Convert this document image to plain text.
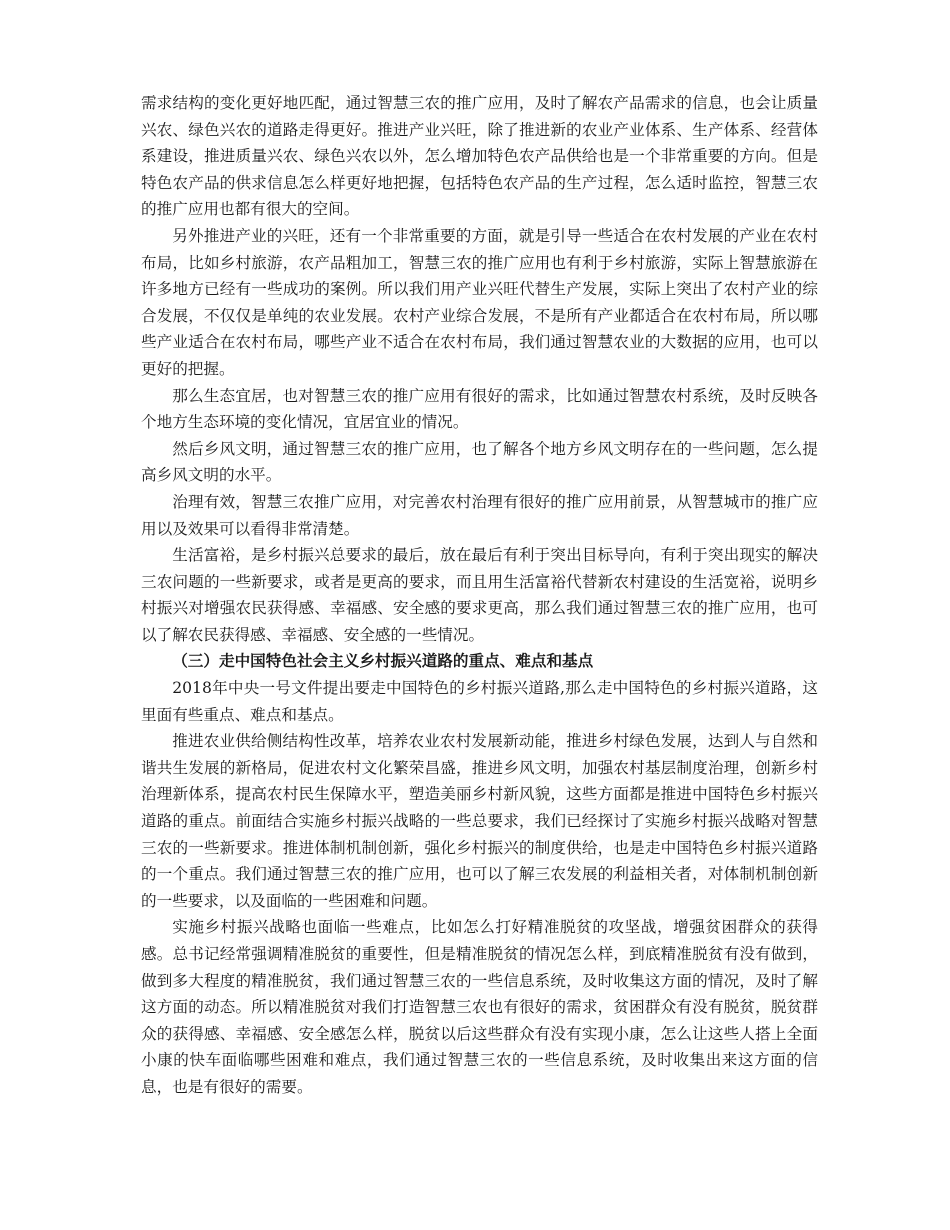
需求结构的变化更好地匹配，通过智慧三农的推广应用，及时了解农产品需求的信息，也会让质量兴农、绿色兴农的道路走得更好。推进产业兴旺，除了推进新的农业产业体系、生产体系、经营体系建设，推进质量兴农、绿色兴农以外，怎么增加特色农产品供给也是一个非常重要的方向。但是特色农产品的供求信息怎么样更好地把握，包括特色农产品的生产过程，怎么适时监控，智慧三农的推广应用也都有很大的空间。

另外推进产业的兴旺，还有一个非常重要的方面，就是引导一些适合在农村发展的产业在农村布局，比如乡村旅游，农产品粗加工，智慧三农的推广应用也有利于乡村旅游，实际上智慧旅游在许多地方已经有一些成功的案例。所以我们用产业兴旺代替生产发展，实际上突出了农村产业的综合发展，不仅仅是单纯的农业发展。农村产业综合发展，不是所有产业都适合在农村布局，所以哪些产业适合在农村布局，哪些产业不适合在农村布局，我们通过智慧农业的大数据的应用，也可以更好的把握。

那么生态宜居，也对智慧三农的推广应用有很好的需求，比如通过智慧农村系统，及时反映各个地方生态环境的变化情况，宜居宜业的情况。

然后乡风文明，通过智慧三农的推广应用，也了解各个地方乡风文明存在的一些问题，怎么提高乡风文明的水平。

治理有效，智慧三农推广应用，对完善农村治理有很好的推广应用前景，从智慧城市的推广应用以及效果可以看得非常清楚。

生活富裕，是乡村振兴总要求的最后，放在最后有利于突出目标导向，有利于突出现实的解决三农问题的一些新要求，或者是更高的要求，而且用生活富裕代替新农村建设的生活宽裕，说明乡村振兴对增强农民获得感、幸福感、安全感的要求更高，那么我们通过智慧三农的推广应用，也可以了解农民获得感、幸福感、安全感的一些情况。

（三）走中国特色社会主义乡村振兴道路的重点、难点和基点

2018年中央一号文件提出要走中国特色的乡村振兴道路,那么走中国特色的乡村振兴道路，这里面有些重点、难点和基点。

推进农业供给侧结构性改革，培养农业农村发展新动能，推进乡村绿色发展，达到人与自然和谐共生发展的新格局，促进农村文化繁荣昌盛，推进乡风文明，加强农村基层制度治理，创新乡村治理新体系，提高农村民生保障水平，塑造美丽乡村新风貌，这些方面都是推进中国特色乡村振兴道路的重点。前面结合实施乡村振兴战略的一些总要求，我们已经探讨了实施乡村振兴战略对智慧三农的一些新要求。推进体制机制创新，强化乡村振兴的制度供给，也是走中国特色乡村振兴道路的一个重点。我们通过智慧三农的推广应用，也可以了解三农发展的利益相关者，对体制机制创新的一些要求，以及面临的一些困难和问题。

实施乡村振兴战略也面临一些难点，比如怎么打好精准脱贫的攻坚战，增强贫困群众的获得感。总书记经常强调精准脱贫的重要性，但是精准脱贫的情况怎么样，到底精准脱贫有没有做到，做到多大程度的精准脱贫，我们通过智慧三农的一些信息系统，及时收集这方面的情况，及时了解这方面的动态。所以精准脱贫对我们打造智慧三农也有很好的需求，贫困群众有没有脱贫，脱贫群众的获得感、幸福感、安全感怎么样，脱贫以后这些群众有没有实现小康，怎么让这些人搭上全面小康的快车面临哪些困难和难点，我们通过智慧三农的一些信息系统，及时收集出来这方面的信息，也是有很好的需要。
